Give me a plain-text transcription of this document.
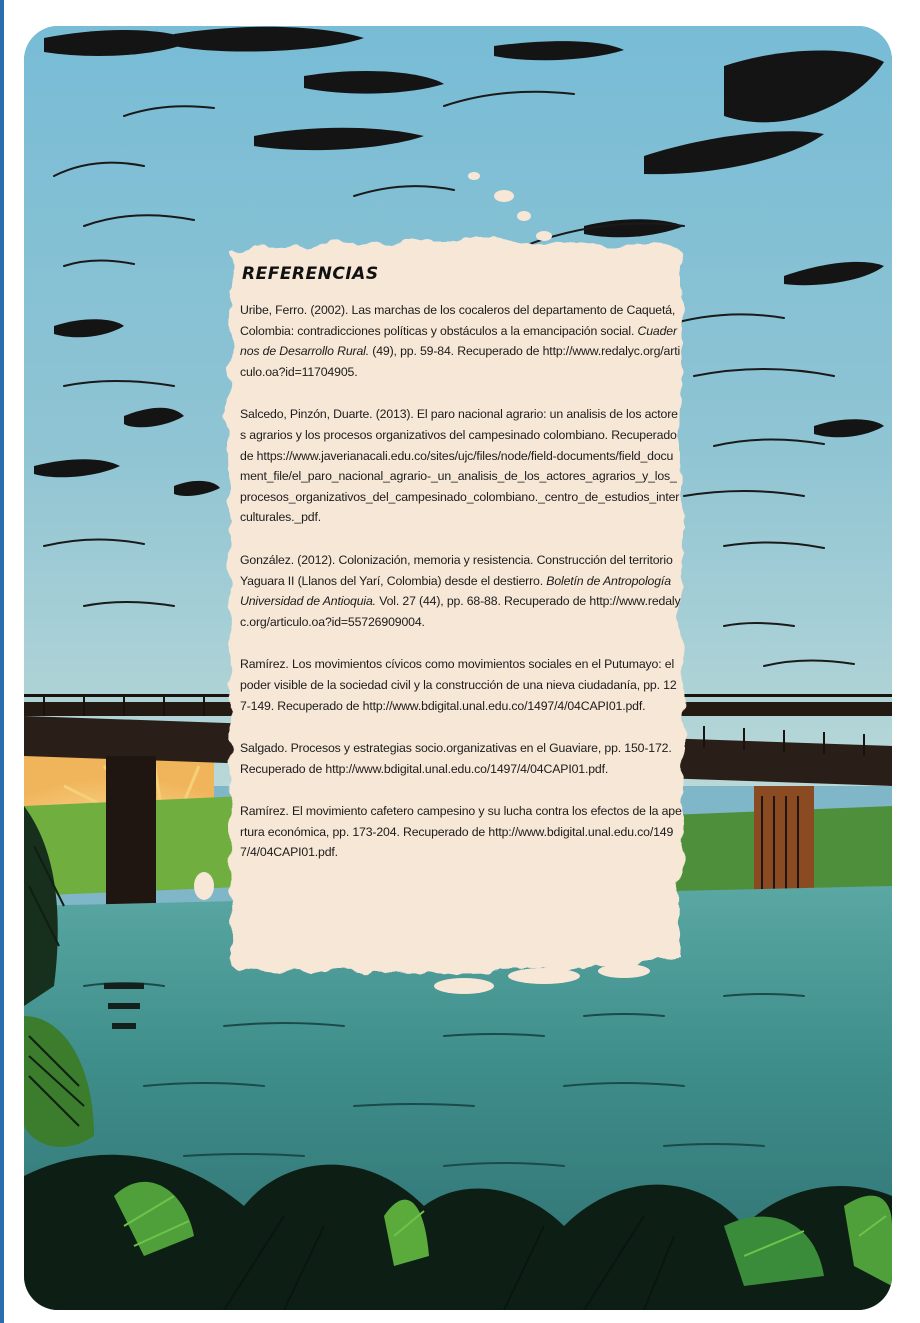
REFERENCIAS
Uribe, Ferro. (2002). Las marchas de los cocaleros del departamento de Caquetá, Colombia: contradicciones políticas y obstáculos a la emancipación social. Cuadernos de Desarrollo Rural. (49), pp. 59-84. Recuperado de http://www.redalyc.org/articulo.oa?id=11704905.
Salcedo, Pinzón, Duarte. (2013). El paro nacional agrario: un analisis de los actores agrarios y los procesos organizativos del campesinado colombiano. Recuperado de https://www.javerianacali.edu.co/sites/ujc/files/node/field-documents/field_document_file/el_paro_nacional_agrario-_un_analisis_de_los_actores_agrarios_y_los_procesos_organizativos_del_campesinado_colombiano._centro_de_estudios_interculturales._pdf.
González. (2012). Colonización, memoria y resistencia. Construcción del territorio Yaguara II (Llanos del Yarí, Colombia) desde el destierro. Boletín de Antropología Universidad de Antioquia. Vol. 27 (44), pp. 68-88. Recuperado de http://www.redalyc.org/articulo.oa?id=55726909004.
Ramírez. Los movimientos cívicos como movimientos sociales en el Putumayo: el poder visible de la sociedad civil y la construcción de una nieva ciudadanía, pp. 127-149. Recuperado de http://www.bdigital.unal.edu.co/1497/4/04CAPI01.pdf.
Salgado. Procesos y estrategias socio.organizativas en el Guaviare, pp. 150-172. Recuperado de http://www.bdigital.unal.edu.co/1497/4/04CAPI01.pdf.
Ramírez. El movimiento cafetero campesino y su lucha contra los efectos de la apertura económica, pp. 173-204. Recuperado de http://www.bdigital.unal.edu.co/1497/4/04CAPI01.pdf.
